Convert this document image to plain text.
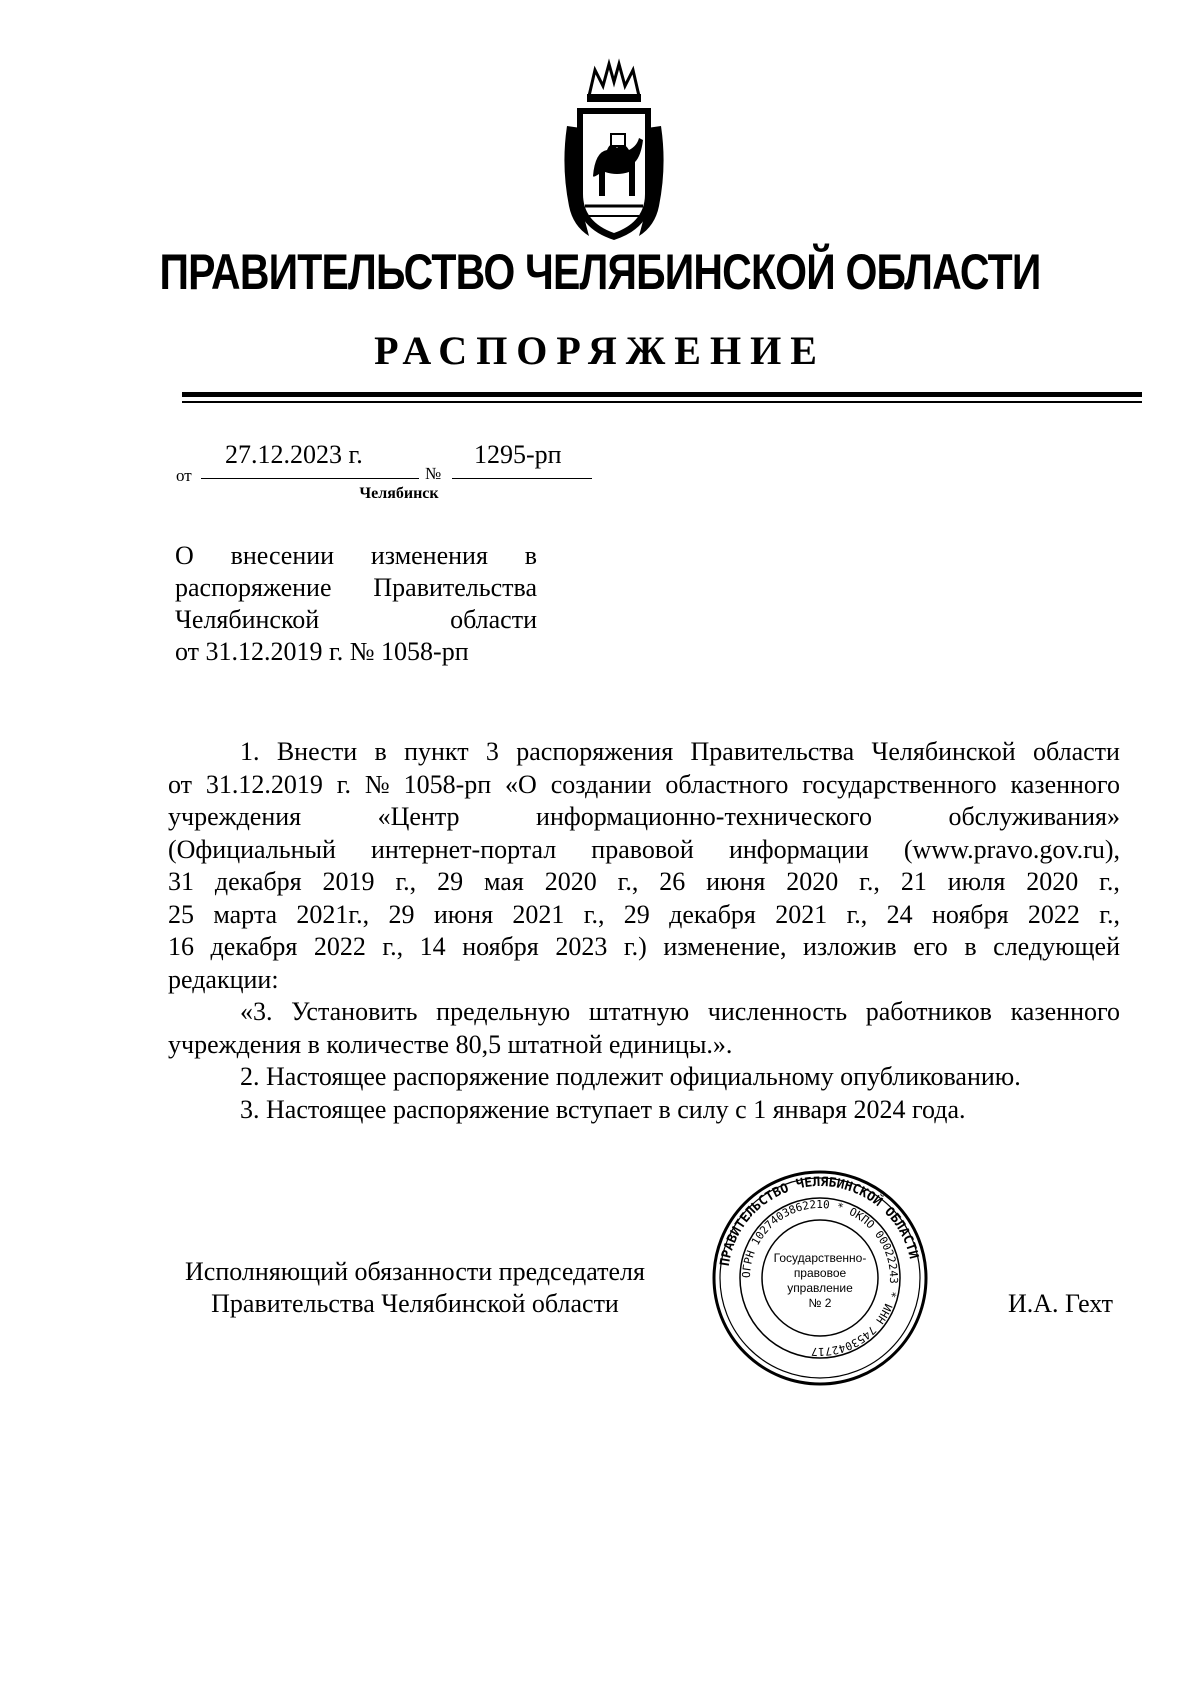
ПРАВИТЕЛЬСТВО ЧЕЛЯБИНСКОЙ ОБЛАСТИ
РАСПОРЯЖЕНИЕ
от
27.12.2023 г.
№
1295-рп
Челябинск
О внесении изменения в
распоряжение Правительства
Челябинской	области
от 31.12.2019 г. № 1058-рп
1. Внести в пункт 3 распоряжения Правительства Челябинской области
от 31.12.2019 г. № 1058-рп «О создании областного государственного казенного
учреждения	«Центр	информационно-технического	обслуживания»
(Официальный интернет-портал правовой информации (www.pravo.gov.ru),
31 декабря 2019 г., 29 мая 2020 г., 26 июня 2020 г., 21 июля 2020 г.,
25 марта 2021г., 29 июня 2021 г., 29 декабря 2021 г., 24 ноября 2022 г.,
16 декабря 2022 г., 14 ноября 2023 г.) изменение, изложив его в следующей
редакции:
«3. Установить предельную штатную численность работников казенного
учреждения в количестве 80,5 штатной единицы.».
2. Настоящее распоряжение подлежит официальному опубликованию.
3. Настоящее распоряжение вступает в силу с 1 января 2024 года.
Исполняющий обязанности председателя
Правительства Челябинской области
ПРАВИТЕЛЬСТВО ЧЕЛЯБИНСКОЙ ОБЛАСТИ
ОГРН 1027403862210 * ОКПО 00022243 * ИНН 7453042717
Государственно-
правовое
управление
№ 2	И.А. Гехт
